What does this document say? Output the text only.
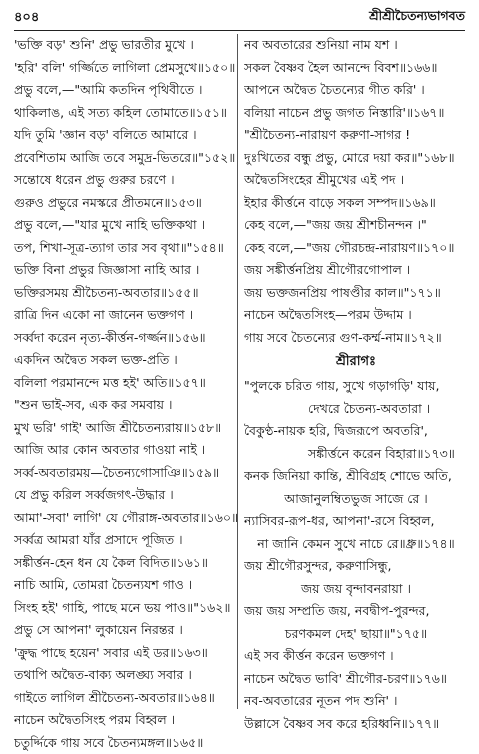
৪০৪	শ্রীশ্রীচৈতন্যভাগবত
'ভক্তি বড়' শুনি' প্রভু ভারতীর মুখে ।
'হরি' বলি' গর্জ্জিতে লাগিলা প্রেমসুখে॥১৫০॥
প্রভু বলে,—"আমি কতদিন পৃথিবীতে ।
থাকিলাঙ, এই সত্য কহিল তোমাতে॥১৫১॥
যদি তুমি 'জ্ঞান বড়' বলিতে আমারে ।
প্রবেশিতাম আজি তবে সমুদ্র-ভিতরে॥"১৫২॥
সন্তোষে ধরেন প্রভু গুরুর চরণে ।
গুরুও প্রভুরে নমস্করে প্রীতমনে॥১৫৩॥
প্রভু বলে,—"যার মুখে নাহি ভক্তিকথা ।
তপ, শিখা-সূত্র-ত্যাগ তার সব বৃথা॥"১৫৪॥
ভক্তি বিনা প্রভুর জিজ্ঞাসা নাহি আর ।
ভক্তিরসময় শ্রীচৈতন্য-অবতার॥১৫৫॥
রাত্রি দিন একো না জানেন ভক্তগণ ।
সর্ব্বদা করেন নৃত্য-কীর্ত্তন-গর্জ্জন॥১৫৬॥
একদিন অদ্বৈত সকল ভক্ত-প্রতি ।
বলিলা পরমানন্দে মত্ত হই' অতি॥১৫৭॥
"শুন ভাই-সব, এক কর সমবায় ।
মুখ ভরি' গাই' আজি শ্রীচৈতন্যরায়॥১৫৮॥
আজি আর কোন অবতার গাওয়া নাই ।
সর্ব্ব-অবতারময়—চৈতন্যগোসাঞি॥১৫৯॥
যে প্রভু করিল সর্ব্বজগৎ-উদ্ধার ।
আমা'-সবা' লাগি' যে গৌরাঙ্গ-অবতার॥১৬০॥
সর্ব্বত্র আমরা যাঁর প্রসাদে পূজিত ।
সঙ্কীর্ত্তন-হেন ধন যে কৈল বিদিত॥১৬১॥
নাচি আমি, তোমরা চৈতন্যযশ গাও ।
সিংহ হই' গাহি, পাছে মনে ভয় পাও॥"১৬২॥
প্রভু সে আপনা' লুকায়েন নিরন্তর ।
'ক্রুদ্ধ পাছে হয়েন' সবার এই ডর॥১৬৩॥
তথাপি অদ্বৈত-বাক্য অলঙ্ঘ্য সবার ।
গাইতে লাগিল শ্রীচৈতন্য-অবতার॥১৬৪॥
নাচেন অদ্বৈতসিংহ পরম বিহ্বল ।
চতুর্দ্দিকে গায় সবে চৈতন্যমঙ্গল॥১৬৫॥
নব অবতারের শুনিয়া নাম যশ ।
সকল বৈষ্ণব হৈল আনন্দে বিবশ॥১৬৬॥
আপনে অদ্বৈত চৈতন্যের গীত করি' ।
বলিয়া নাচেন প্রভু জগত নিস্তারি'॥১৬৭॥
"শ্রীচৈতন্য-নারায়ণ করুণা-সাগর !
দুঃখিতের বন্ধু প্রভু, মোরে দয়া কর॥"১৬৮॥
অদ্বৈতসিংহের শ্রীমুখের এই পদ ।
ইহার কীর্ত্তনে বাড়ে সকল সম্পদ॥১৬৯॥
কেহ বলে,—"জয় জয় শ্রীশচীনন্দন ।"
কেহ বলে,—"জয় গৌরচন্দ্র-নারায়ণ॥১৭০॥
জয় সঙ্কীর্ত্তনপ্রিয় শ্রীগৌরগোপাল ।
জয় ভক্তজনপ্রিয় পাষণ্ডীর কাল॥"১৭১॥
নাচেন অদ্বৈতসিংহ—পরম উদ্দাম ।
গায় সবে চৈতন্যের গুণ-কর্ম্ম-নাম॥১৭২॥
শ্রীরাগঃ
"পুলকে চরিত গায়, সুখে গড়াগড়ি' যায়,
দেখরে চৈতন্য-অবতারা ।
বৈকুণ্ঠ-নায়ক হরি, দ্বিজরূপে অবতরি',
সঙ্কীর্ত্তনে করেন বিহারা॥১৭৩॥
কনক জিনিয়া কান্তি, শ্রীবিগ্রহ শোভে অতি,
আজানুলম্বিতভুজ সাজে রে ।
ন্যাসিবর-রূপ-ধর, আপনা'-রসে বিহ্বল,
না জানি কেমন সুখে নাচে রে॥ধ্রু॥১৭৪॥
জয় শ্রীগৌরসুন্দর, করুণাসিন্ধু,
জয় জয় বৃন্দাবনরায়া ।
জয় জয় সম্প্রতি জয়, নবদ্বীপ-পুরন্দর,
চরণকমল দেহ' ছায়া॥"১৭৫॥
এই সব কীর্ত্তন করেন ভক্তগণ ।
নাচেন অদ্বৈত ভাবি' শ্রীগৌর-চরণ॥১৭৬॥
নব-অবতারের নূতন পদ শুনি' ।
উল্লাসে বৈষ্ণব সব করে হরিধ্বনি॥১৭৭॥
